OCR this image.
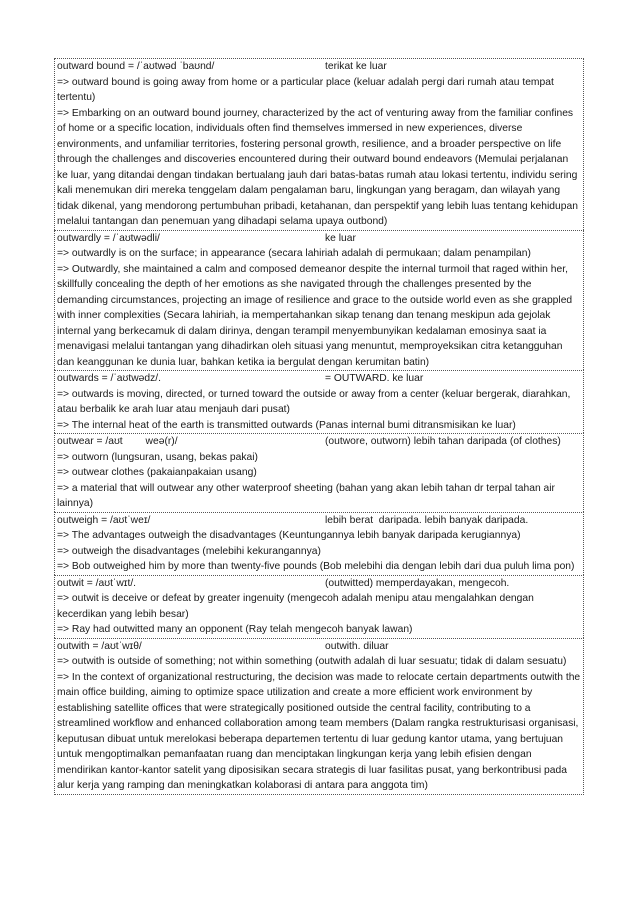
outward bound = /ˈaʊtwəd ˈbaʊnd/	terikat ke luar
=> outward bound is going away from home or a particular place (keluar adalah pergi dari rumah atau tempat tertentu)
=> Embarking on an outward bound journey, characterized by the act of venturing away from the familiar confines of home or a specific location, individuals often find themselves immersed in new experiences, diverse environments, and unfamiliar territories, fostering personal growth, resilience, and a broader perspective on life through the challenges and discoveries encountered during their outward bound endeavors (Memulai perjalanan ke luar, yang ditandai dengan tindakan bertualang jauh dari batas-batas rumah atau lokasi tertentu, individu sering kali menemukan diri mereka tenggelam dalam pengalaman baru, lingkungan yang beragam, dan wilayah yang tidak dikenal, yang mendorong pertumbuhan pribadi, ketahanan, dan perspektif yang lebih luas tentang kehidupan melalui tantangan dan penemuan yang dihadapi selama upaya outbond)
outwardly = /ˈaʊtwədli/	ke luar
=> outwardly is on the surface; in appearance (secara lahiriah adalah di permukaan; dalam penampilan)
=> Outwardly, she maintained a calm and composed demeanor despite the internal turmoil that raged within her, skillfully concealing the depth of her emotions as she navigated through the challenges presented by the demanding circumstances, projecting an image of resilience and grace to the outside world even as she grappled with inner complexities (Secara lahiriah, ia mempertahankan sikap tenang dan tenang meskipun ada gejolak internal yang berkecamuk di dalam dirinya, dengan terampil menyembunyikan kedalaman emosinya saat ia menavigasi melalui tantangan yang dihadirkan oleh situasi yang menuntut, memproyeksikan citra ketangguhan dan keanggunan ke dunia luar, bahkan ketika ia bergulat dengan kerumitan batin)
outwards = /ˈaʊtwədz/.	= OUTWARD. ke luar
=> outwards is moving, directed, or turned toward the outside or away from a center (keluar bergerak, diarahkan, atau berbalik ke arah luar atau menjauh dari pusat)
=> The internal heat of the earth is transmitted outwards (Panas internal bumi ditransmisikan ke luar)
outwear = /aʊt        weə(r)/	(outwore, outworn) lebih tahan daripada (of clothes)
=> outworn (lungsuran, usang, bekas pakai)
=> outwear clothes (pakaianpakaian usang)
=> a material that will outwear any other waterproof sheeting (bahan yang akan lebih tahan dr terpal tahan air lainnya)
outweigh = /aʊtˈweɪ/	lebih berat  daripada. lebih banyak daripada.
=> The advantages outweigh the disadvantages (Keuntungannya lebih banyak daripada kerugiannya)
=> outweigh the disadvantages (melebihi kekurangannya)
=> Bob outweighed him by more than twenty-five pounds (Bob melebihi dia dengan lebih dari dua puluh lima pon)
outwit = /aʊtˈwɪt/.	(outwitted) memperdayakan, mengecoh.
=> outwit is deceive or defeat by greater ingenuity (mengecoh adalah menipu atau mengalahkan dengan kecerdikan yang lebih besar)
=> Ray had outwitted many an opponent (Ray telah mengecoh banyak lawan)
outwith = /aʊtˈwɪθ/	outwith. diluar
=> outwith is outside of something; not within something (outwith adalah di luar sesuatu; tidak di dalam sesuatu)
=> In the context of organizational restructuring, the decision was made to relocate certain departments outwith the main office building, aiming to optimize space utilization and create a more efficient work environment by establishing satellite offices that were strategically positioned outside the central facility, contributing to a streamlined workflow and enhanced collaboration among team members (Dalam rangka restrukturisasi organisasi, keputusan dibuat untuk merelokasi beberapa departemen tertentu di luar gedung kantor utama, yang bertujuan untuk mengoptimalkan pemanfaatan ruang dan menciptakan lingkungan kerja yang lebih efisien dengan mendirikan kantor-kantor satelit yang diposisikan secara strategis di luar fasilitas pusat, yang berkontribusi pada alur kerja yang ramping dan meningkatkan kolaborasi di antara para anggota tim)
